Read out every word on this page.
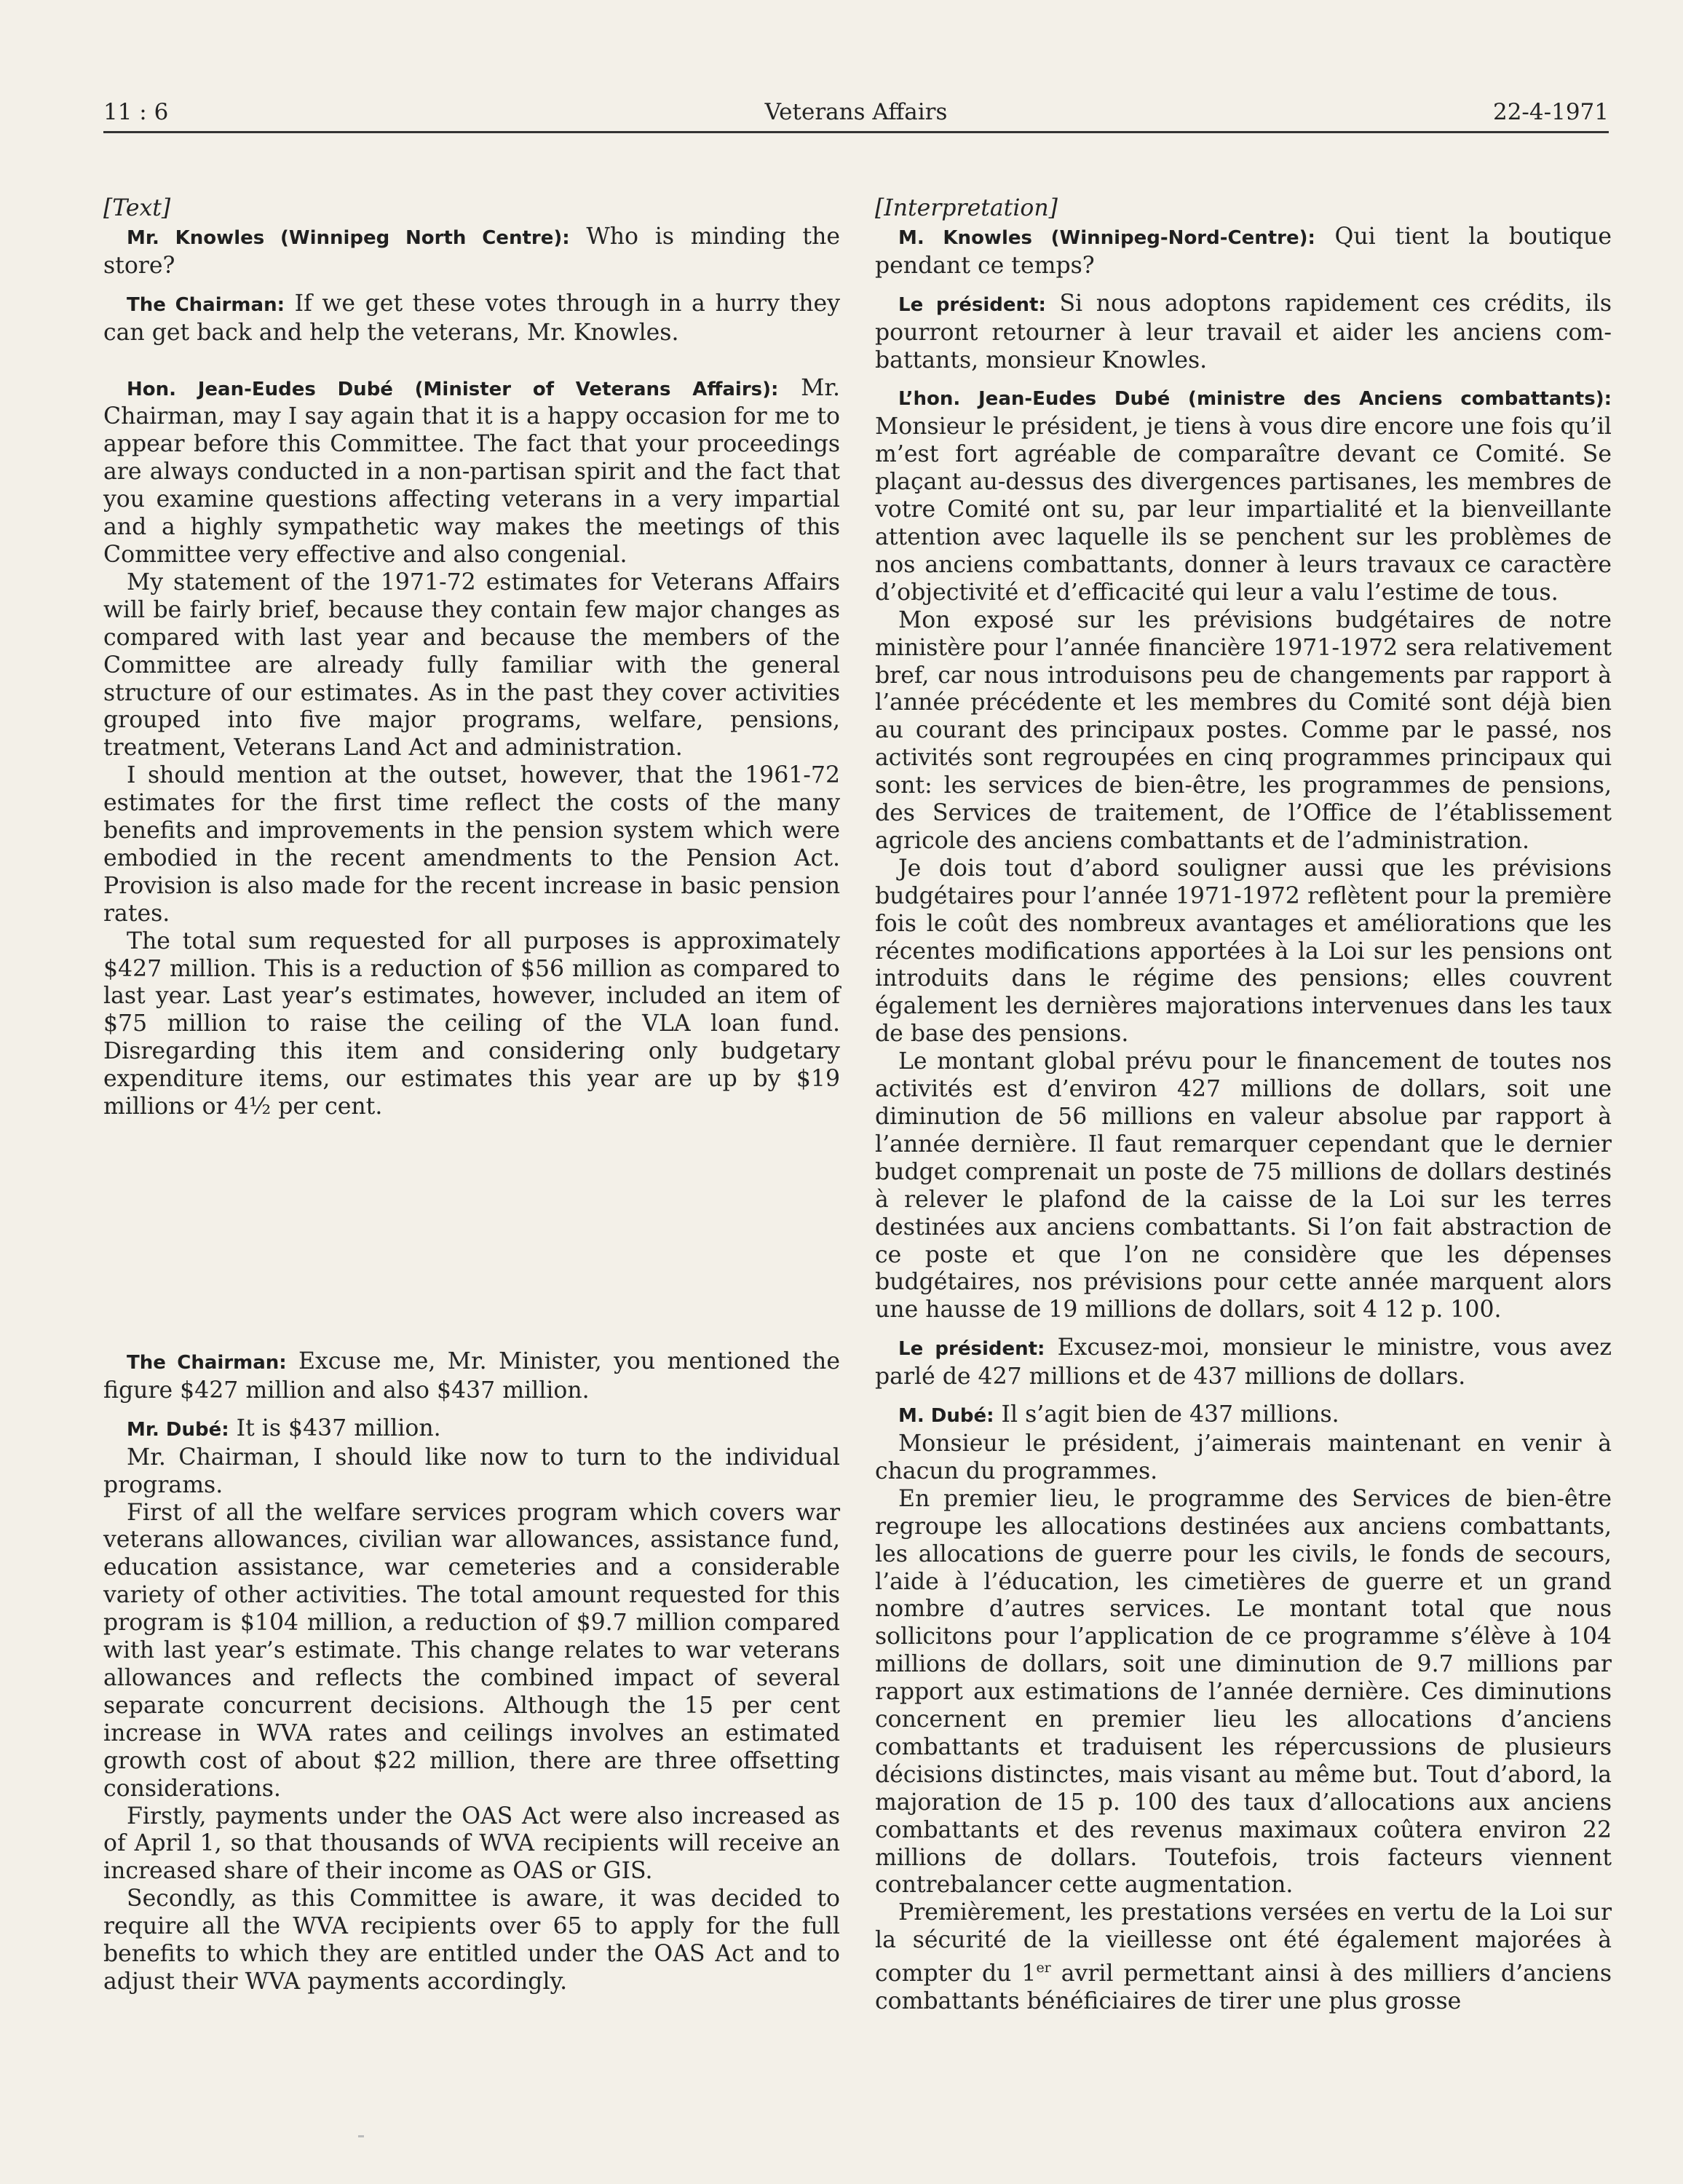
11 : 6	Veterans Affairs	22-4-1971

[Text]

Mr. Knowles (Winnipeg North Centre): Who is minding the store?

The Chairman: If we get these votes through in a hurry they can get back and help the veterans, Mr. Knowles.

Hon. Jean-Eudes Dubé (Minister of Veterans Affairs): Mr. Chairman, may I say again that it is a happy occasion for me to appear before this Committee. The fact that your proceedings are always conducted in a non-partisan spirit and the fact that you examine questions affecting veterans in a very impartial and a highly sympathetic way makes the meetings of this Committee very effective and also congenial.

My statement of the 1971-72 estimates for Veterans Affairs will be fairly brief, because they contain few major changes as compared with last year and because the members of the Committee are already fully familiar with the general structure of our estimates. As in the past they cover activities grouped into five major programs, welfare, pensions, treatment, Veterans Land Act and administration.

I should mention at the outset, however, that the 1961-72 estimates for the first time reflect the costs of the many benefits and improvements in the pension system which were embodied in the recent amendments to the Pension Act. Provision is also made for the recent increase in basic pension rates.

The total sum requested for all purposes is approximately $427 million. This is a reduction of $56 million as compared to last year. Last year’s estimates, however, included an item of $75 million to raise the ceiling of the VLA loan fund. Disregarding this item and considering only budgetary expenditure items, our estimates this year are up by $19 millions or 4½ per cent.

The Chairman: Excuse me, Mr. Minister, you mentioned the figure $427 million and also $437 million.

Mr. Dubé: It is $437 million.

Mr. Chairman, I should like now to turn to the individual programs.

First of all the welfare services program which covers war veterans allowances, civilian war allowances, assistance fund, education assistance, war cemeteries and a considerable variety of other activities. The total amount requested for this program is $104 million, a reduction of $9.7 million compared with last year’s estimate. This change relates to war veterans allowances and reflects the combined impact of several separate concurrent decisions. Although the 15 per cent increase in WVA rates and ceilings involves an estimated growth cost of about $22 million, there are three offsetting considerations.

Firstly, payments under the OAS Act were also increased as of April 1, so that thousands of WVA recipients will receive an increased share of their income as OAS or GIS.

Secondly, as this Committee is aware, it was decided to require all the WVA recipients over 65 to apply for the full benefits to which they are entitled under the OAS Act and to adjust their WVA payments accordingly.

[Interpretation]

M. Knowles (Winnipeg-Nord-Centre): Qui tient la boutique pendant ce temps?

Le président: Si nous adoptons rapidement ces crédits, ils pourront retourner à leur travail et aider les anciens combattants, monsieur Knowles.

L’hon. Jean-Eudes Dubé (ministre des Anciens combattants): Monsieur le président, je tiens à vous dire encore une fois qu’il m’est fort agréable de comparaître devant ce Comité. Se plaçant au-dessus des divergences partisanes, les membres de votre Comité ont su, par leur impartialité et la bienveillante attention avec laquelle ils se penchent sur les problèmes de nos anciens combattants, donner à leurs travaux ce caractère d’objectivité et d’efficacité qui leur a valu l’estime de tous.

Mon exposé sur les prévisions budgétaires de notre ministère pour l’année financière 1971-1972 sera relativement bref, car nous introduisons peu de changements par rapport à l’année précédente et les membres du Comité sont déjà bien au courant des principaux postes. Comme par le passé, nos activités sont regroupées en cinq programmes principaux qui sont: les services de bien-être, les programmes de pensions, des Services de traitement, de l’Office de l’établissement agricole des anciens combattants et de l’administration.

Je dois tout d’abord souligner aussi que les prévisions budgétaires pour l’année 1971-1972 reflètent pour la première fois le coût des nombreux avantages et améliorations que les récentes modifications apportées à la Loi sur les pensions ont introduits dans le régime des pensions; elles couvrent également les dernières majorations intervenues dans les taux de base des pensions.

Le montant global prévu pour le financement de toutes nos activités est d’environ 427 millions de dollars, soit une diminution de 56 millions en valeur absolue par rapport à l’année dernière. Il faut remarquer cependant que le dernier budget comprenait un poste de 75 millions de dollars destinés à relever le plafond de la caisse de la Loi sur les terres destinées aux anciens combattants. Si l’on fait abstraction de ce poste et que l’on ne considère que les dépenses budgétaires, nos prévisions pour cette année marquent alors une hausse de 19 millions de dollars, soit 4 12 p. 100.

Le président: Excusez-moi, monsieur le ministre, vous avez parlé de 427 millions et de 437 millions de dollars.

M. Dubé: Il s’agit bien de 437 millions.

Monsieur le président, j’aimerais maintenant en venir à chacun du programmes.

En premier lieu, le programme des Services de bien-être regroupe les allocations destinées aux anciens combattants, les allocations de guerre pour les civils, le fonds de secours, l’aide à l’éducation, les cimetières de guerre et un grand nombre d’autres services. Le montant total que nous sollicitons pour l’application de ce programme s’élève à 104 millions de dollars, soit une diminution de 9.7 millions par rapport aux estimations de l’année dernière. Ces diminutions concernent en premier lieu les allocations d’anciens combattants et traduisent les répercussions de plusieurs décisions distinctes, mais visant au même but. Tout d’abord, la majoration de 15 p. 100 des taux d’allocations aux anciens combattants et des revenus maximaux coûtera environ 22 millions de dollars. Toutefois, trois facteurs viennent contrebalancer cette augmentation.

Premièrement, les prestations versées en vertu de la Loi sur la sécurité de la vieillesse ont été également majorées à compter du 1er avril permettant ainsi à des milliers d’anciens combattants bénéficiaires de tirer une plus grosse
